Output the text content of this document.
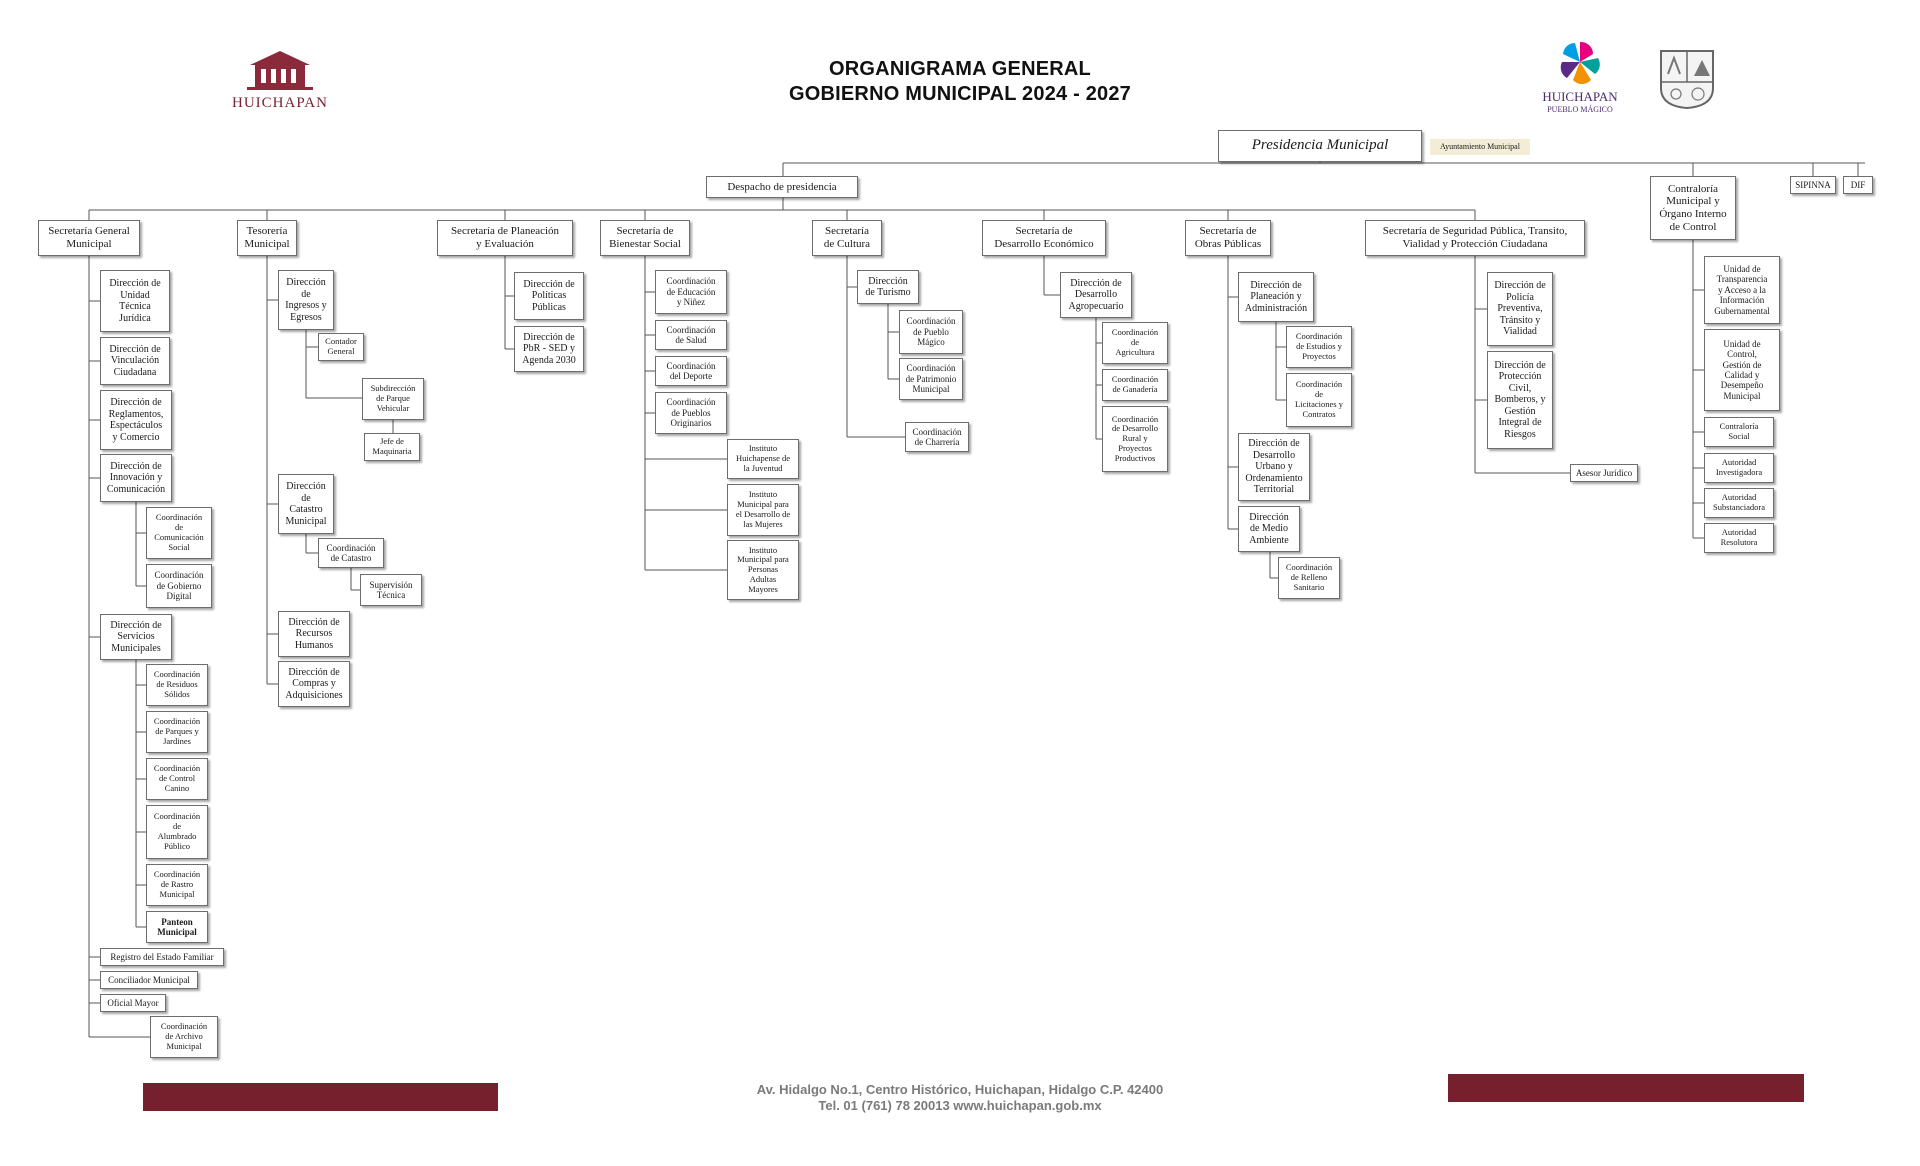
ORGANIGRAMA GENERAL
GOBIERNO MUNICIPAL 2024 - 2027
HUICHAPAN	HUICHAPAN
PUEBLO MÁGICO
Presidencia Municipal	Ayuntamiento Municipal
Despacho de presidencia	SIPINNA	DIF
Contraloría
Municipal y
Órgano Interno
de Control
Secretaría General
Municipal
Tesorería
Municipal
Secretaría de Planeación
y Evaluación
Secretaría de
Bienestar Social
Secretaría
de Cultura
Secretaría de
Desarrollo Económico
Secretaría de
Obras Públicas
Secretaría de Seguridad Pública, Transito,
Vialidad y Protección Ciudadana
Dirección de
Unidad
Técnica
Jurídica
Dirección de
Vinculación
Ciudadana
Dirección de
Reglamentos,
Espectáculos
y Comercio
Dirección de
Innovación y
Comunicación
Coordinación
de
Comunicación
Social
Coordinación
de Gobierno
Digital
Dirección de
Servicios
Municipales
Coordinación
de Residuos
Sólidos
Coordinación
de Parques y
Jardines
Coordinación
de Control
Canino
Coordinación
de
Alumbrado
Público
Coordinación
de Rastro
Municipal
Panteon
Municipal
Registro del Estado Familiar
Conciliador Municipal
Oficial Mayor
Coordinación
de Archivo
Municipal
Dirección
de
Ingresos y
Egresos
Contador
General
Subdirección
de Parque
Vehicular
Jefe de
Maquinaria
Dirección
de
Catastro
Municipal
Coordinación
de Catastro
Supervisión
Técnica
Dirección de
Recursos
Humanos
Dirección de
Compras y
Adquisiciones
Dirección de
Políticas
Públicas
Dirección de
PbR - SED y
Agenda 2030
Coordinación
de Educación
y Niñez
Coordinación
de Salud
Coordinación
del Deporte
Coordinación
de Pueblos
Originarios
Instituto
Huichapense de
la Juventud
Instituto
Municipal para
el Desarrollo de
las Mujeres
Instituto
Municipal para
Personas
Adultas
Mayores
Dirección
de Turismo
Coordinación
de Pueblo
Mágico
Coordinación
de Patrimonio
Municipal
Coordinación
de Charrería
Dirección de
Desarrollo
Agropecuario
Coordinación
de
Agricultura
Coordinación
de Ganadería
Coordinación
de Desarrollo
Rural y
Proyectos
Productivos
Dirección de
Planeación y
Administración
Coordinación
de Estudios y
Proyectos
Coordinación
de
Licitaciones y
Contratos
Dirección de
Desarrollo
Urbano y
Ordenamiento
Territorial
Dirección
de Medio
Ambiente
Coordinación
de Relleno
Sanitario
Dirección de
Policía
Preventiva,
Tránsito y
Vialidad
Dirección de
Protección
Civil,
Bomberos, y
Gestión
Integral de
Riesgos
Asesor Jurídico
Unidad de
Transparencia
y Acceso a la
Información
Gubernamental
Unidad de
Control,
Gestión de
Calidad y
Desempeño
Municipal
Contraloría
Social
Autoridad
Investigadora
Autoridad
Substanciadora
Autoridad
Resolutora
Av. Hidalgo No.1, Centro Histórico, Huichapan, Hidalgo C.P. 42400
Tel. 01 (761) 78 20013 www.huichapan.gob.mx
